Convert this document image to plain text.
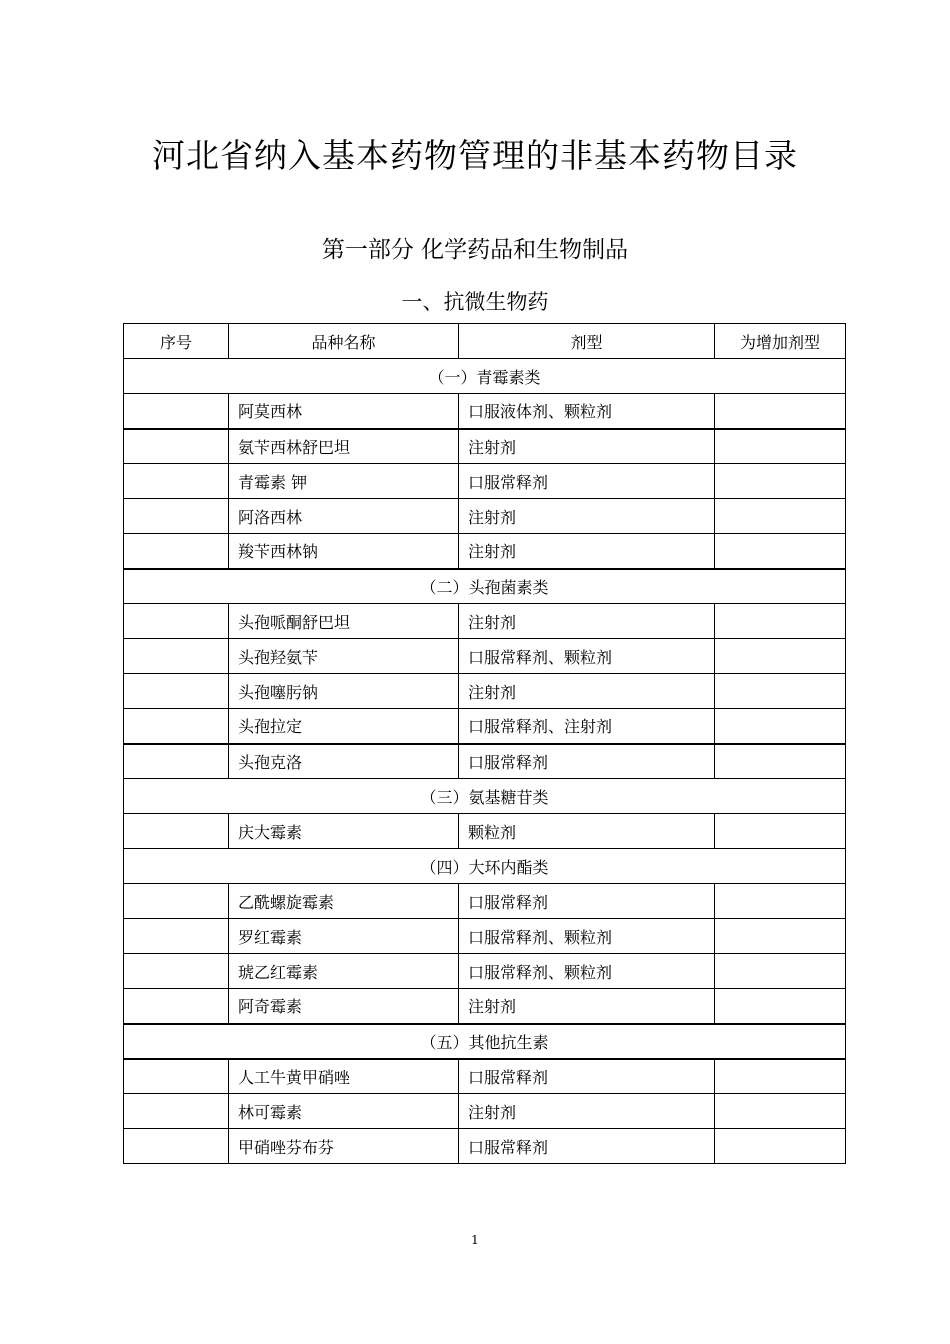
河北省纳入基本药物管理的非基本药物目录
第一部分 化学药品和生物制品
一、抗微生物药
序号	品种名称	剂型	为增加剂型
（一）青霉素类			
	阿莫西林	口服液体剂、颗粒剂	
	氨苄西林舒巴坦	注射剂	
	青霉素 钾	口服常释剂	
	阿洛西林	注射剂	
	羧苄西林钠	注射剂	
（二）头孢菌素类			
	头孢哌酮舒巴坦	注射剂	
	头孢羟氨苄	口服常释剂、颗粒剂	
	头孢噻肟钠	注射剂	
	头孢拉定	口服常释剂、注射剂	
	头孢克洛	口服常释剂	
（三）氨基糖苷类			
	庆大霉素	颗粒剂	
（四）大环内酯类			
	乙酰螺旋霉素	口服常释剂	
	罗红霉素	口服常释剂、颗粒剂	
	琥乙红霉素	口服常释剂、颗粒剂	
	阿奇霉素	注射剂	
（五）其他抗生素			
	人工牛黄甲硝唑	口服常释剂	
	林可霉素	注射剂	
	甲硝唑芬布芬	口服常释剂	
1
